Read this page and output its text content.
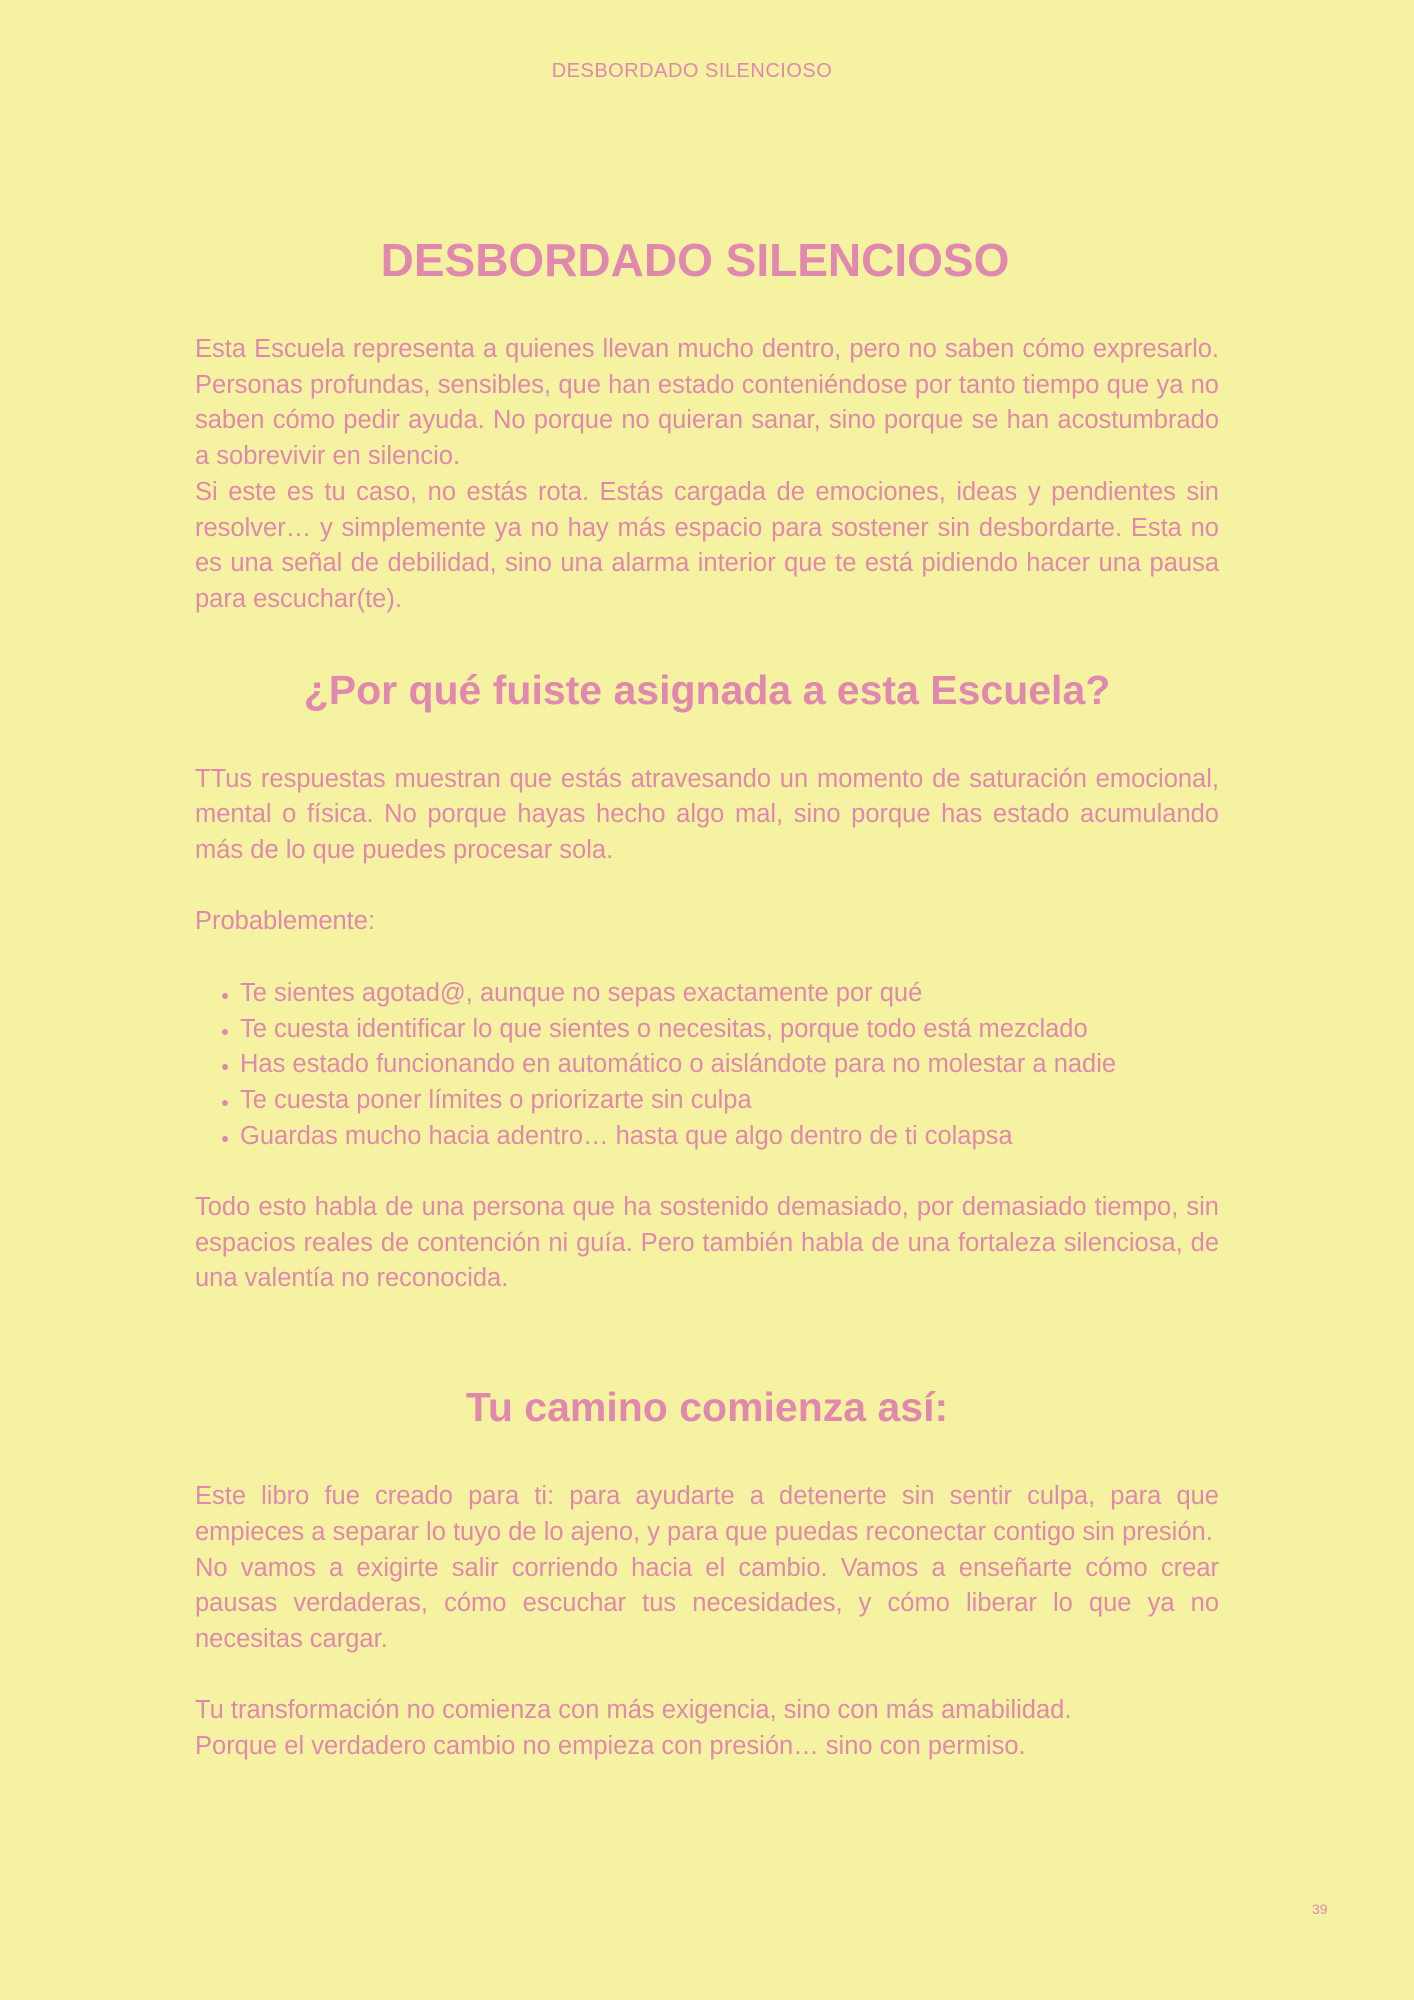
DESBORDADO SILENCIOSO
DESBORDADO SILENCIOSO

Esta Escuela representa a quienes llevan mucho dentro, pero no saben cómo expresarlo. Personas profundas, sensibles, que han estado conteniéndose por tanto tiempo que ya no saben cómo pedir ayuda. No porque no quieran sanar, sino porque se han acostumbrado a sobrevivir en silencio.

Si este es tu caso, no estás rota. Estás cargada de emociones, ideas y pendientes sin resolver… y simplemente ya no hay más espacio para sostener sin desbordarte. Esta no es una señal de debilidad, sino una alarma interior que te está pidiendo hacer una pausa para escuchar(te).

¿Por qué fuiste asignada a esta Escuela?

TTus respuestas muestran que estás atravesando un momento de saturación emocional, mental o física. No porque hayas hecho algo mal, sino porque has estado acumulando más de lo que puedes procesar sola.

Probablemente:

• Te sientes agotad@, aunque no sepas exactamente por qué
• Te cuesta identificar lo que sientes o necesitas, porque todo está mezclado
• Has estado funcionando en automático o aislándote para no molestar a nadie
• Te cuesta poner límites o priorizarte sin culpa
• Guardas mucho hacia adentro… hasta que algo dentro de ti colapsa

Todo esto habla de una persona que ha sostenido demasiado, por demasiado tiempo, sin espacios reales de contención ni guía. Pero también habla de una fortaleza silenciosa, de una valentía no reconocida.

Tu camino comienza así:

Este libro fue creado para ti: para ayudarte a detenerte sin sentir culpa, para que empieces a separar lo tuyo de lo ajeno, y para que puedas reconectar contigo sin presión.

No vamos a exigirte salir corriendo hacia el cambio. Vamos a enseñarte cómo crear pausas verdaderas, cómo escuchar tus necesidades, y cómo liberar lo que ya no necesitas cargar.

Tu transformación no comienza con más exigencia, sino con más amabilidad.

Porque el verdadero cambio no empieza con presión… sino con permiso.

39
